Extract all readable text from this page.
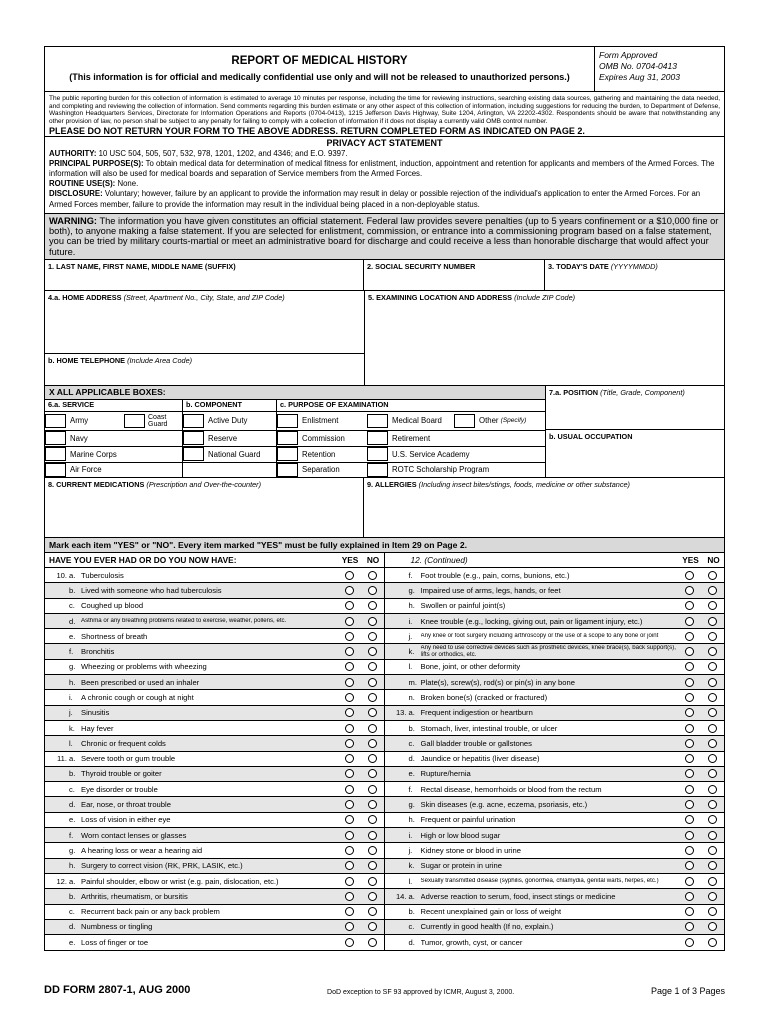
REPORT OF MEDICAL HISTORY
(This information is for official and medically confidential use only and will not be released to unauthorized persons.)
Form Approved
OMB No. 0704-0413
Expires Aug 31, 2003
The public reporting burden for this collection of information is estimated to average 10 minutes per response, including the time for reviewing instructions, searching existing data sources, gathering and maintaining the data needed, and completing and reviewing the collection of information. Send comments regarding this burden estimate or any other aspect of this collection of information, including suggestions for reducing the burden, to Department of Defense, Washington Headquarters Services, Directorate for Information Operations and Reports (0704-0413), 1215 Jefferson Davis Highway, Suite 1204, Arlington, VA 22202-4302. Respondents should be aware that notwithstanding any other provision of law, no person shall be subject to any penalty for failing to comply with a collection of information if it does not display a currently valid OMB control number.
PLEASE DO NOT RETURN YOUR FORM TO THE ABOVE ADDRESS. RETURN COMPLETED FORM AS INDICATED ON PAGE 2.
PRIVACY ACT STATEMENT
AUTHORITY: 10 USC 504, 505, 507, 532, 978, 1201, 1202, and 4346; and E.O. 9397.
PRINCIPAL PURPOSE(S): To obtain medical data for determination of medical fitness for enlistment, induction, appointment and retention for applicants and members of the Armed Forces. The information will also be used for medical boards and separation of Service members from the Armed Forces.
ROUTINE USE(S): None.
DISCLOSURE: Voluntary; however, failure by an applicant to provide the information may result in delay or possible rejection of the individual's application to enter the Armed Forces. For an Armed Forces member, failure to provide the information may result in the individual being placed in a non-deployable status.
WARNING: The information you have given constitutes an official statement. Federal law provides severe penalties (up to 5 years confinement or a $10,000 fine or both), to anyone making a false statement. If you are selected for enlistment, commission, or entrance into a commissioning program based on a false statement, you can be tried by military courts-martial or meet an administrative board for discharge and could receive a less than honorable discharge that would affect your future.
1. LAST NAME, FIRST NAME, MIDDLE NAME (SUFFIX)	2. SOCIAL SECURITY NUMBER	3. TODAY'S DATE (YYYYMMDD)
4.a. HOME ADDRESS (Street, Apartment No., City, State, and ZIP Code)
b. HOME TELEPHONE (Include Area Code)
5. EXAMINING LOCATION AND ADDRESS (Include ZIP Code)
X ALL APPLICABLE BOXES:
6.a. SERVICE
Army	Coast Guard
Navy
Marine Corps
Air Force
b. COMPONENT
Active Duty
Reserve
National Guard
c. PURPOSE OF EXAMINATION
Enlistment	Medical Board	Other
(Specify)
Commission	Retirement
Retention	U.S. Service Academy
Separation	ROTC Scholarship Program
7.a. POSITION (Title, Grade, Component)
b. USUAL OCCUPATION
8. CURRENT MEDICATIONS (Prescription and Over-the-counter)	9. ALLERGIES (Including insect bites/stings, foods, medicine or other substance)
Mark each item "YES" or "NO". Every item marked "YES" must be fully explained in Item 29 on Page 2.
HAVE YOU EVER HAD OR DO YOU NOW HAVE:	YES NO
10. a. Tuberculosis
b. Lived with someone who had tuberculosis
c. Coughed up blood
d. Asthma or any breathing problems related to exercise, weather, pollens, etc.
e. Shortness of breath
f.	Bronchitis
g. Wheezing or problems with wheezing
h. Been prescribed or used an inhaler
i.	A chronic cough or cough at night
j.	Sinusitis
k. Hay fever
l.	Chronic or frequent colds
11. a. Severe tooth or gum trouble
b. Thyroid trouble or goiter
c. Eye disorder or trouble
d. Ear, nose, or throat trouble
e. Loss of vision in either eye
f.	Worn contact lenses or glasses
g. A hearing loss or wear a hearing aid
h. Surgery to correct vision (RK, PRK, LASIK, etc.)
12. a. Painful shoulder, elbow or wrist (e.g. pain, dislocation, etc.)
b. Arthritis, rheumatism, or bursitis
c. Recurrent back pain or any back problem
d. Numbness or tingling
e. Loss of finger or toe
12. (Continued)	YES NO
f.	Foot trouble (e.g., pain, corns, bunions, etc.)
g. Impaired use of arms, legs, hands, or feet
h. Swollen or painful joint(s)
i.	Knee trouble (e.g., locking, giving out, pain or ligament injury, etc.)
j.	Any knee or foot surgery including arthroscopy or the use of a scope to any bone or joint
k. Any need to use corrective devices such as prosthetic devices, knee brace(s), back support(s), lifts or orthodics, etc.
l.	Bone, joint, or other deformity
m. Plate(s), screw(s), rod(s) or pin(s) in any bone
n. Broken bone(s) (cracked or fractured)
13. a. Frequent indigestion or heartburn
b. Stomach, liver, intestinal trouble, or ulcer
c. Gall bladder trouble or gallstones
d. Jaundice or hepatitis (liver disease)
e. Rupture/hernia
f.	Rectal disease, hemorrhoids or blood from the rectum
g. Skin diseases (e.g. acne, eczema, psoriasis, etc.)
h. Frequent or painful urination
i.	High or low blood sugar
j.	Kidney stone or blood in urine
k. Sugar or protein in urine
l.	Sexually transmitted disease (syphilis, gonorrhea, chlamydia, genital warts, herpes, etc.)
14. a. Adverse reaction to serum, food, insect stings or medicine
b. Recent unexplained gain or loss of weight
c. Currently in good health (If no, explain.)
d. Tumor, growth, cyst, or cancer
DD FORM 2807-1, AUG 2000	DoD exception to SF 93 approved by ICMR, August 3, 2000.	Page 1 of 3 Pages
